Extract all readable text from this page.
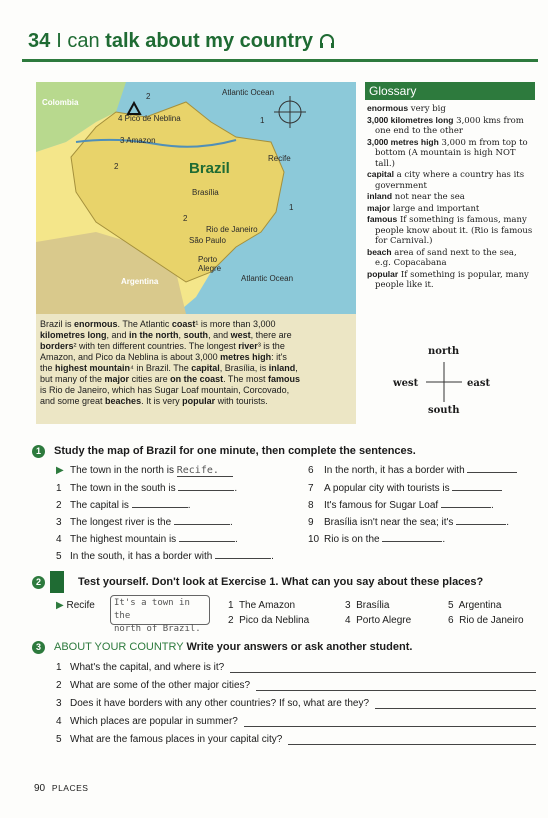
34 I can talk about my country
Colombia
Atlantic Ocean
2
4 Pico de Neblina	1
3 Amazon
2
Recife
Brazil
Brasília
1
2
Rio de Janeiro
São Paulo
Porto
Alegre
Argentina	Atlantic Ocean
Brazil is enormous. The Atlantic coast¹ is more than 3,000
kilometres long, and in the north, south, and west, there are
borders² with ten different countries. The longest river³ is the
Amazon, and Pico da Neblina is about 3,000 metres high: it's
the highest mountain⁴ in Brazil. The capital, Brasília, is inland,
but many of the major cities are on the coast. The most famous
is Rio de Janeiro, which has Sugar Loaf mountain, Corcovado,
and some great beaches. It is very popular with tourists.
Glossary
enormous very big
3,000 kilometres long 3,000 kms from one end to the other
3,000 metres high 3,000 m from top to bottom (A mountain is high NOT tall.)
capital a city where a country has its government
inland not near the sea
major large and important
famous If something is famous, many people know about it. (Rio is famous for Carnival.)
beach area of sand next to the sea, e.g. Copacabana
popular If something is popular, many people like it.
north
west	east
south
1	Study the map of Brazil for one minute, then complete the sentences.
▶ The town in the north is Recife.
1 The town in the south is	.
2 The capital is	.
3 The longest river is the	.
4 The highest mountain is	.
5 In the south, it has a border with	.
6 In the north, it has a border with
7 A popular city with tourists is
8 It's famous for Sugar Loaf	.
9 Brasília isn't near the sea; it's	.
10 Rio is on the	.
2	Test yourself. Don't look at Exercise 1. What can you say about these places?
▶ Recife It's a town in the
north of Brazil.
1 The Amazon
2 Pico da Neblina
3 Brasília
4 Porto Alegre
5 Argentina
6 Rio de Janeiro
3	ABOUT YOUR COUNTRY Write your answers or ask another student.
1 What's the capital, and where is it?
2 What are some of the other major cities?
3 Does it have borders with any other countries? If so, what are they?
4 Which places are popular in summer?
5 What are the famous places in your capital city?
90 PLACES
